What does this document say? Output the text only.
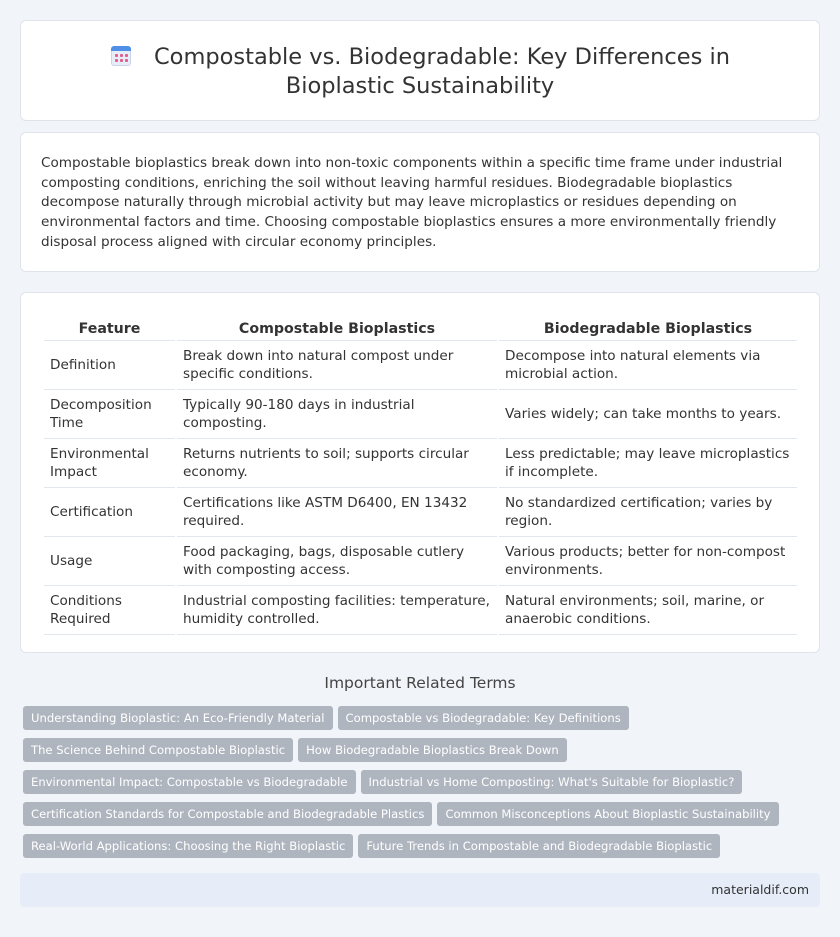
Compostable vs. Biodegradable: Key Differences in Bioplastic Sustainability

Compostable bioplastics break down into non-toxic components within a specific time frame under industrial composting conditions, enriching the soil without leaving harmful residues. Biodegradable bioplastics decompose naturally through microbial activity but may leave microplastics or residues depending on environmental factors and time. Choosing compostable bioplastics ensures a more environmentally friendly disposal process aligned with circular economy principles.

Feature	Compostable Bioplastics	Biodegradable Bioplastics
Definition	Break down into natural compost under specific conditions.	Decompose into natural elements via microbial action.
Decomposition Time	Typically 90-180 days in industrial composting.	Varies widely; can take months to years.
Environmental Impact	Returns nutrients to soil; supports circular economy.	Less predictable; may leave microplastics if incomplete.
Certification	Certifications like ASTM D6400, EN 13432 required.	No standardized certification; varies by region.
Usage	Food packaging, bags, disposable cutlery with composting access.	Various products; better for non-compost environments.
Conditions Required	Industrial composting facilities: temperature, humidity controlled.	Natural environments; soil, marine, or anaerobic conditions.
Important Related Terms
Understanding Bioplastic: An Eco-Friendly Material Compostable vs Biodegradable: Key Definitions
The Science Behind Compostable Bioplastic How Biodegradable Bioplastics Break Down
Environmental Impact: Compostable vs Biodegradable Industrial vs Home Composting: What's Suitable for Bioplastic?
Certification Standards for Compostable and Biodegradable Plastics Common Misconceptions About Bioplastic Sustainability
Real-World Applications: Choosing the Right Bioplastic Future Trends in Compostable and Biodegradable Bioplastic
materialdif.com
